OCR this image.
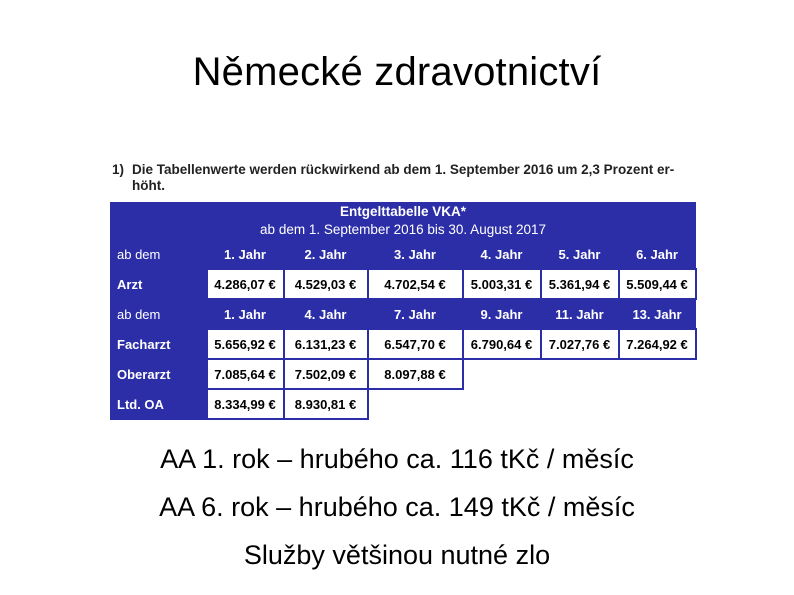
Německé zdravotnictví
1) Die Tabellenwerte werden rückwirkend ab dem 1. September 2016 um 2,3 Prozent er-
höht.
Entgelttabelle VKA*
ab dem 1. September 2016 bis 30. August 2017						

ab dem	1. Jahr	2. Jahr	3. Jahr	4. Jahr	5. Jahr	6. Jahr
Arzt	4.286,07 €	4.529,03 €	4.702,54 €	5.003,31 €	5.361,94 €	5.509,44 €
ab dem	1. Jahr	4. Jahr	7. Jahr	9. Jahr	11. Jahr	13. Jahr
Facharzt	5.656,92 €	6.131,23 €	6.547,70 €	6.790,64 €	7.027,76 €	7.264,92 €
Oberarzt	7.085,64 €	7.502,09 €	8.097,88 €			
Ltd. OA	8.334,99 €	8.930,81 €				
AA 1. rok – hrubého ca. 116 tKč / měsíc
AA 6. rok – hrubého ca. 149 tKč / měsíc
Služby většinou nutné zlo
